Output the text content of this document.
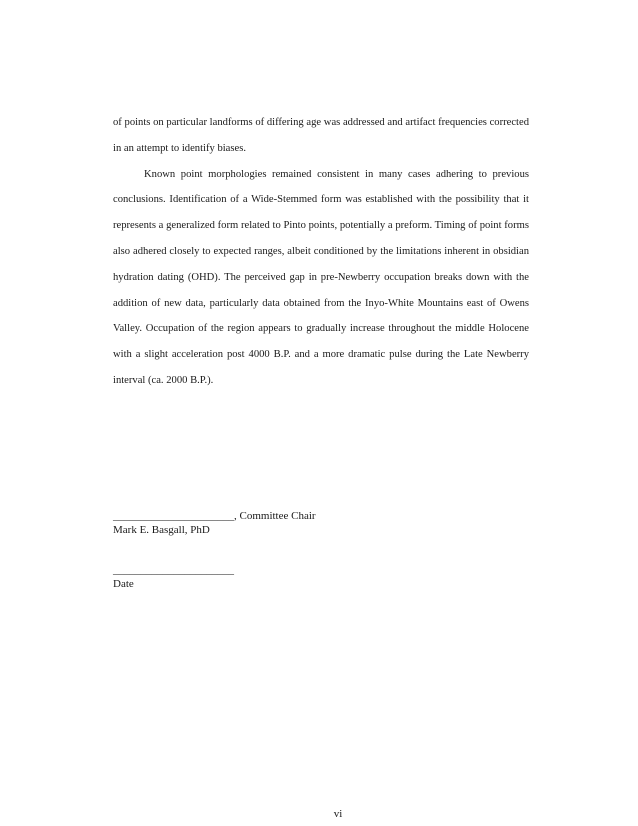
of points on particular landforms of differing age was addressed and artifact frequencies corrected in an attempt to identify biases.

Known point morphologies remained consistent in many cases adhering to previous conclusions. Identification of a Wide-Stemmed form was established with the possibility that it represents a generalized form related to Pinto points, potentially a preform. Timing of point forms also adhered closely to expected ranges, albeit conditioned by the limitations inherent in obsidian hydration dating (OHD). The perceived gap in pre-Newberry occupation breaks down with the addition of new data, particularly data obtained from the Inyo-White Mountains east of Owens Valley. Occupation of the region appears to gradually increase throughout the middle Holocene with a slight acceleration post 4000 B.P. and a more dramatic pulse during the Late Newberry interval (ca. 2000 B.P.).

______________________, Committee Chair
Mark E. Basgall, PhD
______________________
Date
vi
